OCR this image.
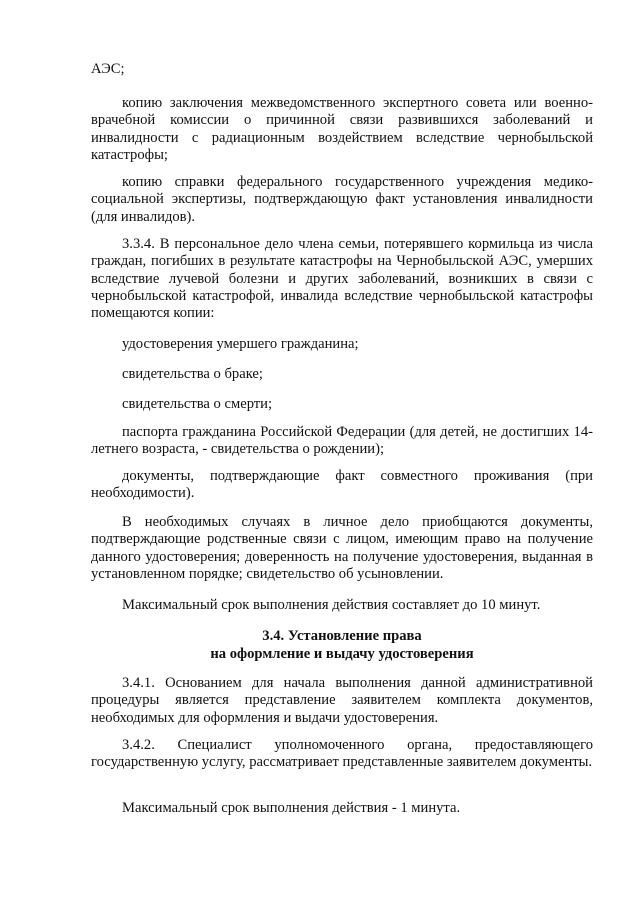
АЭС;

копию заключения межведомственного экспертного совета или военно-врачебной комиссии о причинной связи развившихся заболеваний и инвалидности с радиационным воздействием вследствие чернобыльской катастрофы;

копию справки федерального государственного учреждения медико-социальной экспертизы, подтверждающую факт установления инвалидности (для инвалидов).

3.3.4. В персональное дело члена семьи, потерявшего кормильца из числа граждан, погибших в результате катастрофы на Чернобыльской АЭС, умерших вследствие лучевой болезни и других заболеваний, возникших в связи с чернобыльской катастрофой, инвалида вследствие чернобыльской катастрофы помещаются копии:

удостоверения умершего гражданина;

свидетельства о браке;

свидетельства о смерти;

паспорта гражданина Российской Федерации (для детей, не достигших 14-летнего возраста, - свидетельства о рождении);

документы, подтверждающие факт совместного проживания (при необходимости).

В необходимых случаях в личное дело приобщаются документы, подтверждающие родственные связи с лицом, имеющим право на получение данного удостоверения; доверенность на получение удостоверения, выданная в установленном порядке; свидетельство об усыновлении.

Максимальный срок выполнения действия составляет до 10 минут.

3.4. Установление права

на оформление и выдачу удостоверения

3.4.1. Основанием для начала выполнения данной административной процедуры является представление заявителем комплекта документов, необходимых для оформления и выдачи удостоверения.

3.4.2. Специалист уполномоченного органа, предоставляющего государственную услугу, рассматривает представленные заявителем документы.

Максимальный срок выполнения действия - 1 минута.
